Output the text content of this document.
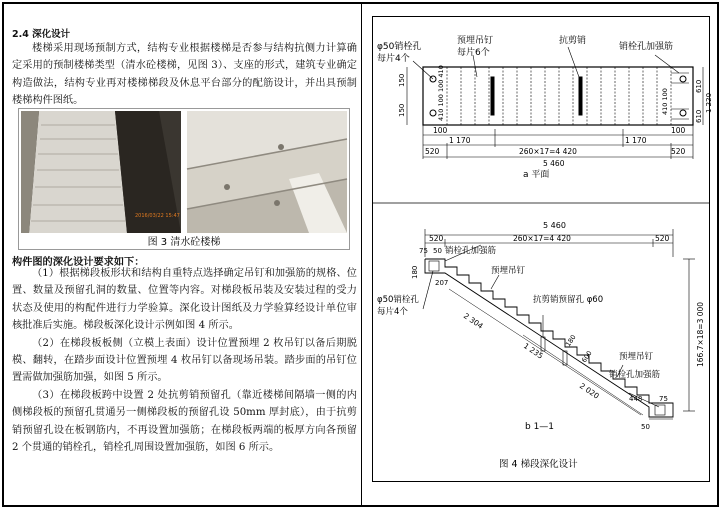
2.4 深化设计
楼梯采用现场预制方式，结构专业根据楼梯是否参与结构抗侧力计算确定采用的预制楼梯类型（清水砼楼梯，见图 3）、支座的形式，建筑专业确定构造做法，结构专业再对楼梯梯段及休息平台部分的配筋设计，并出具预制楼梯构件图纸。
2016/03/22 15:47
图 3 清水砼楼梯
构件图的深化设计要求如下：

（1）根据梯段板形状和结构自重特点选择确定吊钉和加强筋的规格、位置、数量及预留孔洞的数量、位置等内容。对梯段板吊装及安装过程的受力状态及使用的构配件进行力学验算。深化设计图纸及力学验算经设计单位审核批准后实施。梯段板深化设计示例如图 4 所示。

（2）在梯段板板侧（立模上表面）设计位置预埋 2 枚吊钉以备后期脱模、翻转，在踏步面设计位置预埋 4 枚吊钉以备现场吊装。踏步面的吊钉位置需做加强筋加强，如图 5 所示。

（3）在梯段板跨中设置 2 处抗剪销预留孔（靠近楼梯间隔墙一侧的内侧梯段板的预留孔贯通另一侧梯段板的预留孔设 50mm 厚封底），由于抗剪销预留孔设在板钢筋内，不再设置加强筋；在梯段板两端的板厚方向各预留 2 个贯通的销栓孔，销栓孔周围设置加强筋，如图 6 所示。

φ50销栓孔
每片4个
预埋吊钉
每片6个
抗剪销
销栓孔加强筋
100	100
1 170	1 170
520	260×17=4 420	520
5 460
a 平面
150
150	410 100 100 410	410 100
610
610
1 220
5 460
520	260×17=4 420	520
75 50 销栓孔加强筋
180
207
预埋吊钉
φ50销栓孔
每片4个
抗剪销预留孔 φ60
2 304
1 235
180
600
2 020
预埋吊钉
销栓孔加强筋
448 75
50
166.7×18=3 000
b 1—1
图 4 梯段深化设计
